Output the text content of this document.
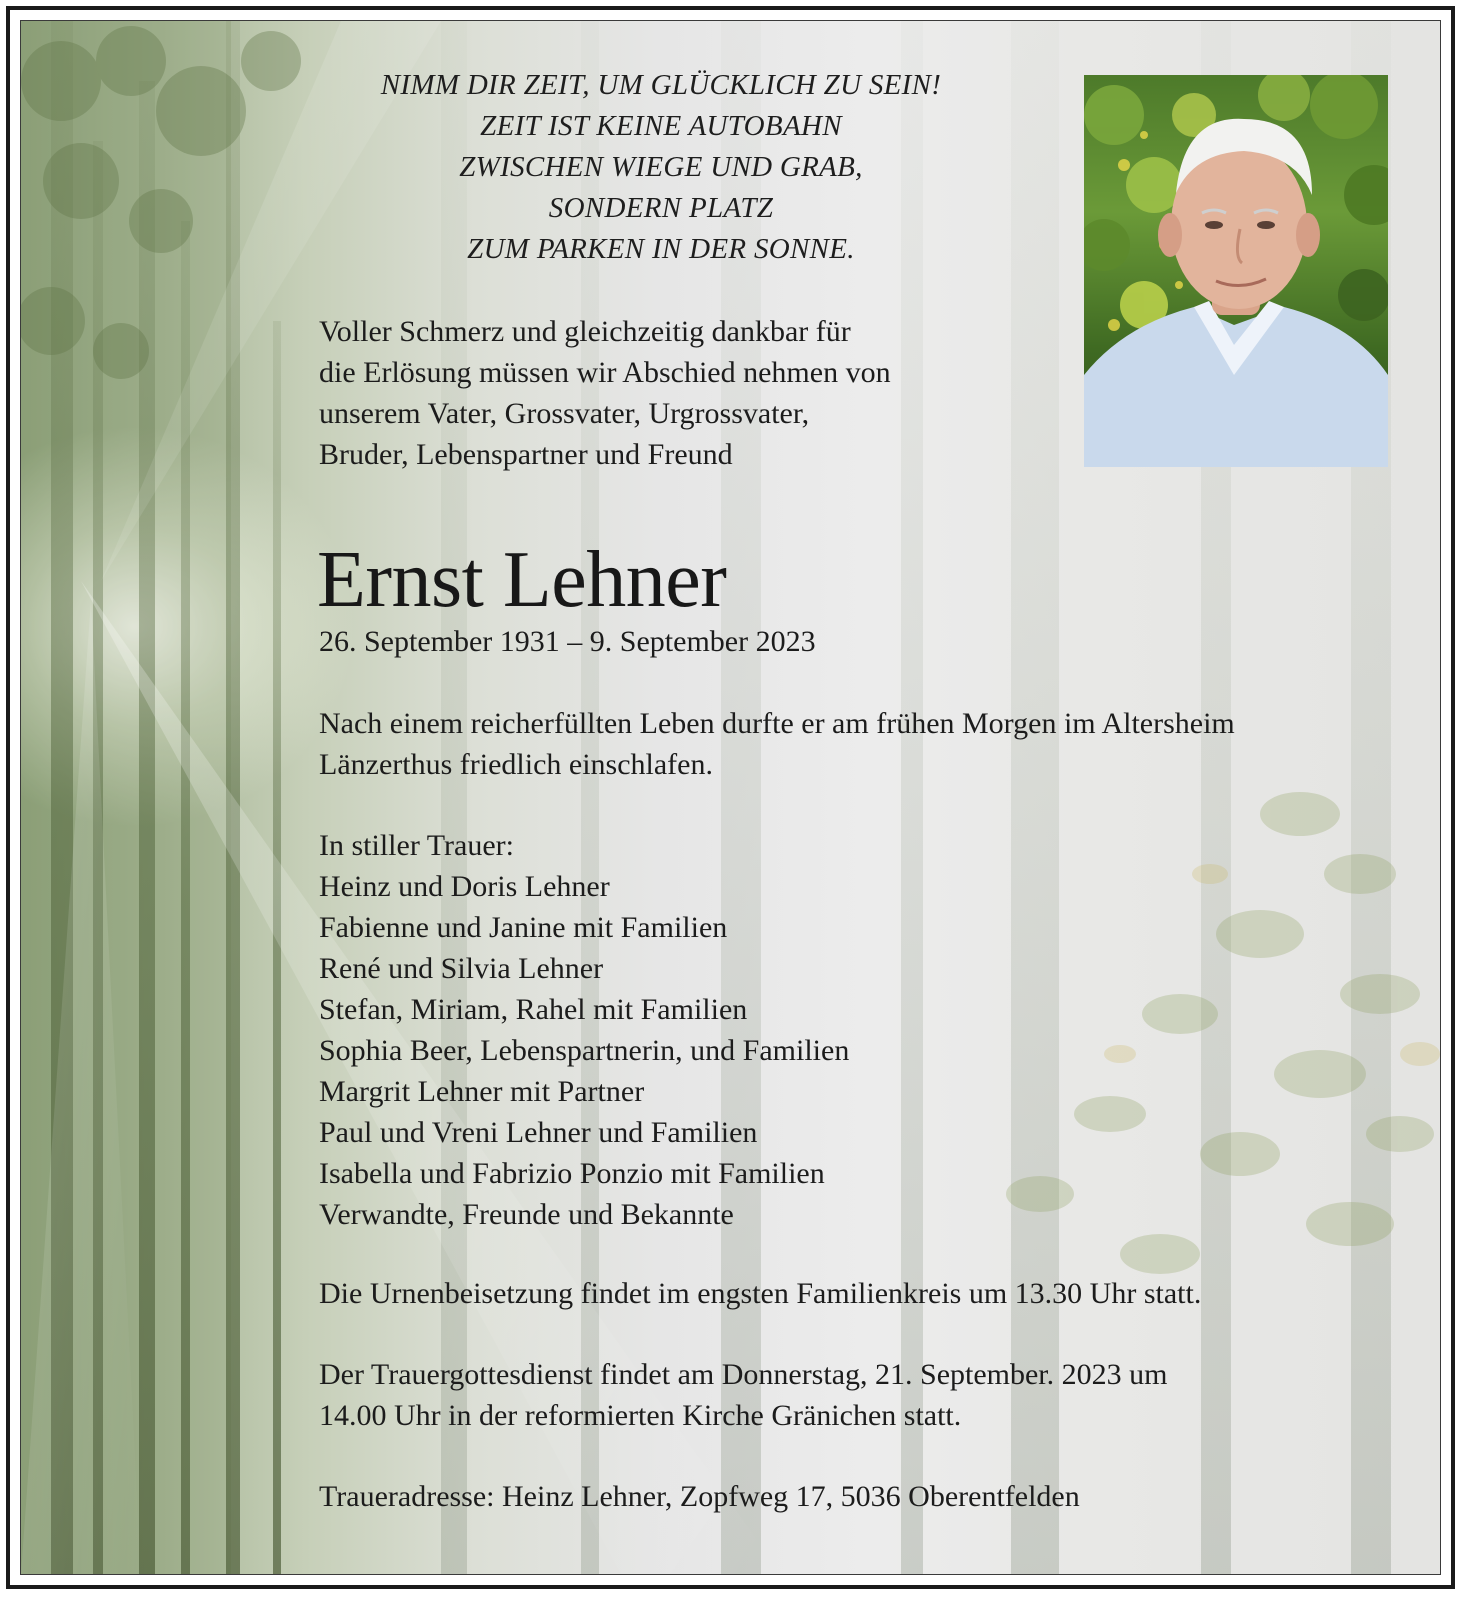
NIMM DIR ZEIT, UM GLÜCKLICH ZU SEIN!
ZEIT IST KEINE AUTOBAHN
ZWISCHEN WIEGE UND GRAB,
SONDERN PLATZ
ZUM PARKEN IN DER SONNE.
Voller Schmerz und gleichzeitig dankbar für
die Erlösung müssen wir Abschied nehmen von
unserem Vater, Grossvater, Urgrossvater,
Bruder, Lebenspartner und Freund
Ernst Lehner
26. September 1931 – 9. September 2023
Nach einem reicherfüllten Leben durfte er am frühen Morgen im Altersheim
Länzerthus friedlich einschlafen.
In stiller Trauer:
Heinz und Doris Lehner
Fabienne und Janine mit Familien
René und Silvia Lehner
Stefan, Miriam, Rahel mit Familien
Sophia Beer, Lebenspartnerin, und Familien
Margrit Lehner mit Partner
Paul und Vreni Lehner und Familien
Isabella und Fabrizio Ponzio mit Familien
Verwandte, Freunde und Bekannte
Die Urnenbeisetzung findet im engsten Familienkreis um 13.30 Uhr statt.
Der Trauergottesdienst findet am Donnerstag, 21. September. 2023 um
14.00 Uhr in der reformierten Kirche Gränichen statt.
Traueradresse: Heinz Lehner, Zopfweg 17, 5036 Oberentfelden
